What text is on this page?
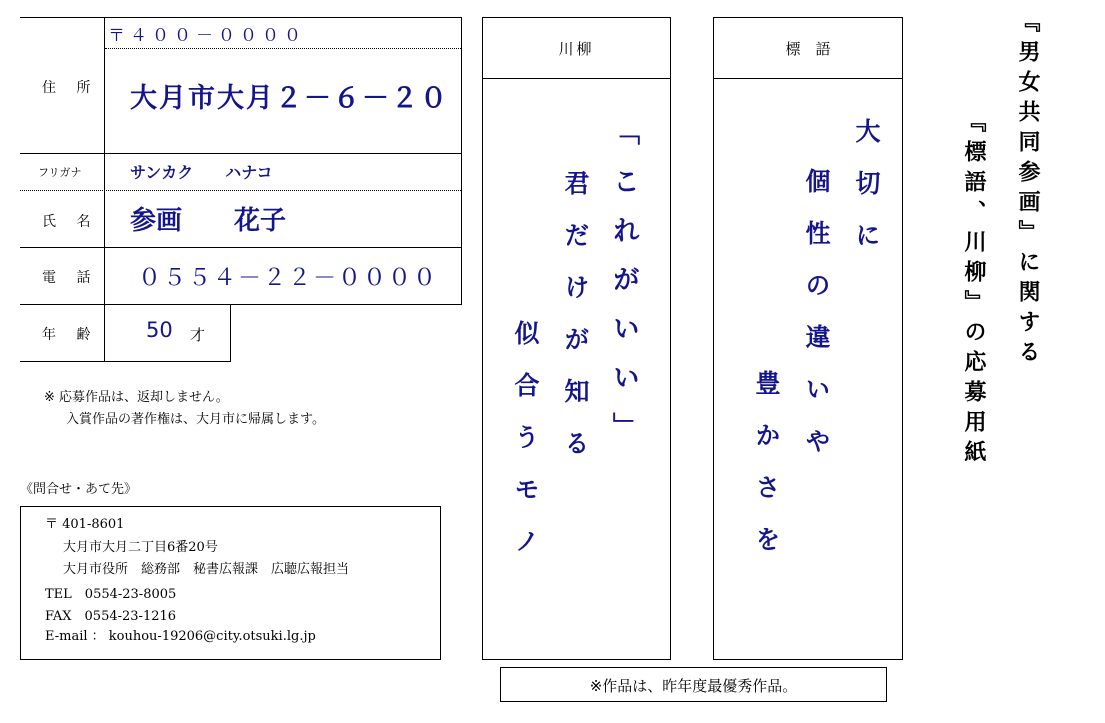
住 所
フリガナ
氏 名
電 話
年 齢
〒４００－００００
大月市大月２－６－２０
サンカク　　ハナコ
参画　　花子
０５５４－２２－００００
50 才
※ 応募作品は、返却しません。
入賞作品の著作権は、大月市に帰属します。
《問合せ・あて先》
〒 401-8601
大月市大月二丁目6番20号
大月市役所　総務部　秘書広報課　広聴広報担当
TEL　0554-23-8005
FAX　0554-23-1216
E-mail ： kouhou-19206@city.otsuki.lg.jp
川柳
「これがいい」
君だけが知る
似合うモノ
標　語
大切に
個性の違いや
豊かさを
※作品は、昨年度最優秀作品。
『男女共同参画』に関する
『標語、川柳』の応募用紙
